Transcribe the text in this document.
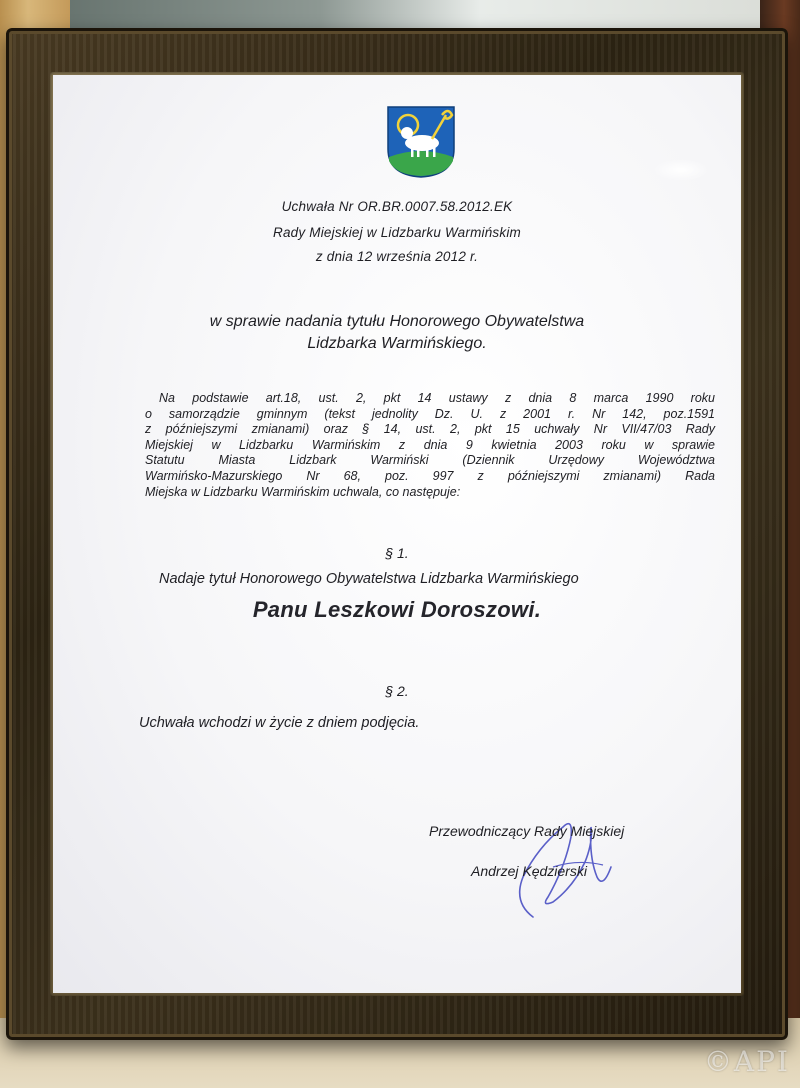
Uchwała Nr OR.BR.0007.58.2012.EK
Rady Miejskiej w Lidzbarku Warmińskim
z dnia 12 września 2012 r.
w sprawie nadania tytułu Honorowego Obywatelstwa
Lidzbarka Warmińskiego.
Na podstawie art.18, ust. 2, pkt 14 ustawy z dnia 8 marca 1990 roku
o samorządzie gminnym (tekst jednolity Dz. U. z 2001 r. Nr 142, poz.1591
z późniejszymi zmianami) oraz § 14, ust. 2, pkt 15 uchwały Nr VII/47/03 Rady
Miejskiej w Lidzbarku Warmińskim z dnia 9 kwietnia 2003 roku w sprawie
Statutu Miasta Lidzbark Warmiński (Dziennik Urzędowy Województwa
Warmińsko-Mazurskiego Nr 68, poz. 997 z późniejszymi zmianami) Rada
Miejska w Lidzbarku Warmińskim uchwala, co następuje:
§ 1.
Nadaje tytuł Honorowego Obywatelstwa Lidzbarka Warmińskiego
Panu Leszkowi Doroszowi.
§ 2.
Uchwała wchodzi w życie z dniem podjęcia.
Przewodniczący Rady Miejskiej
Andrzej Kędzierski
©API
